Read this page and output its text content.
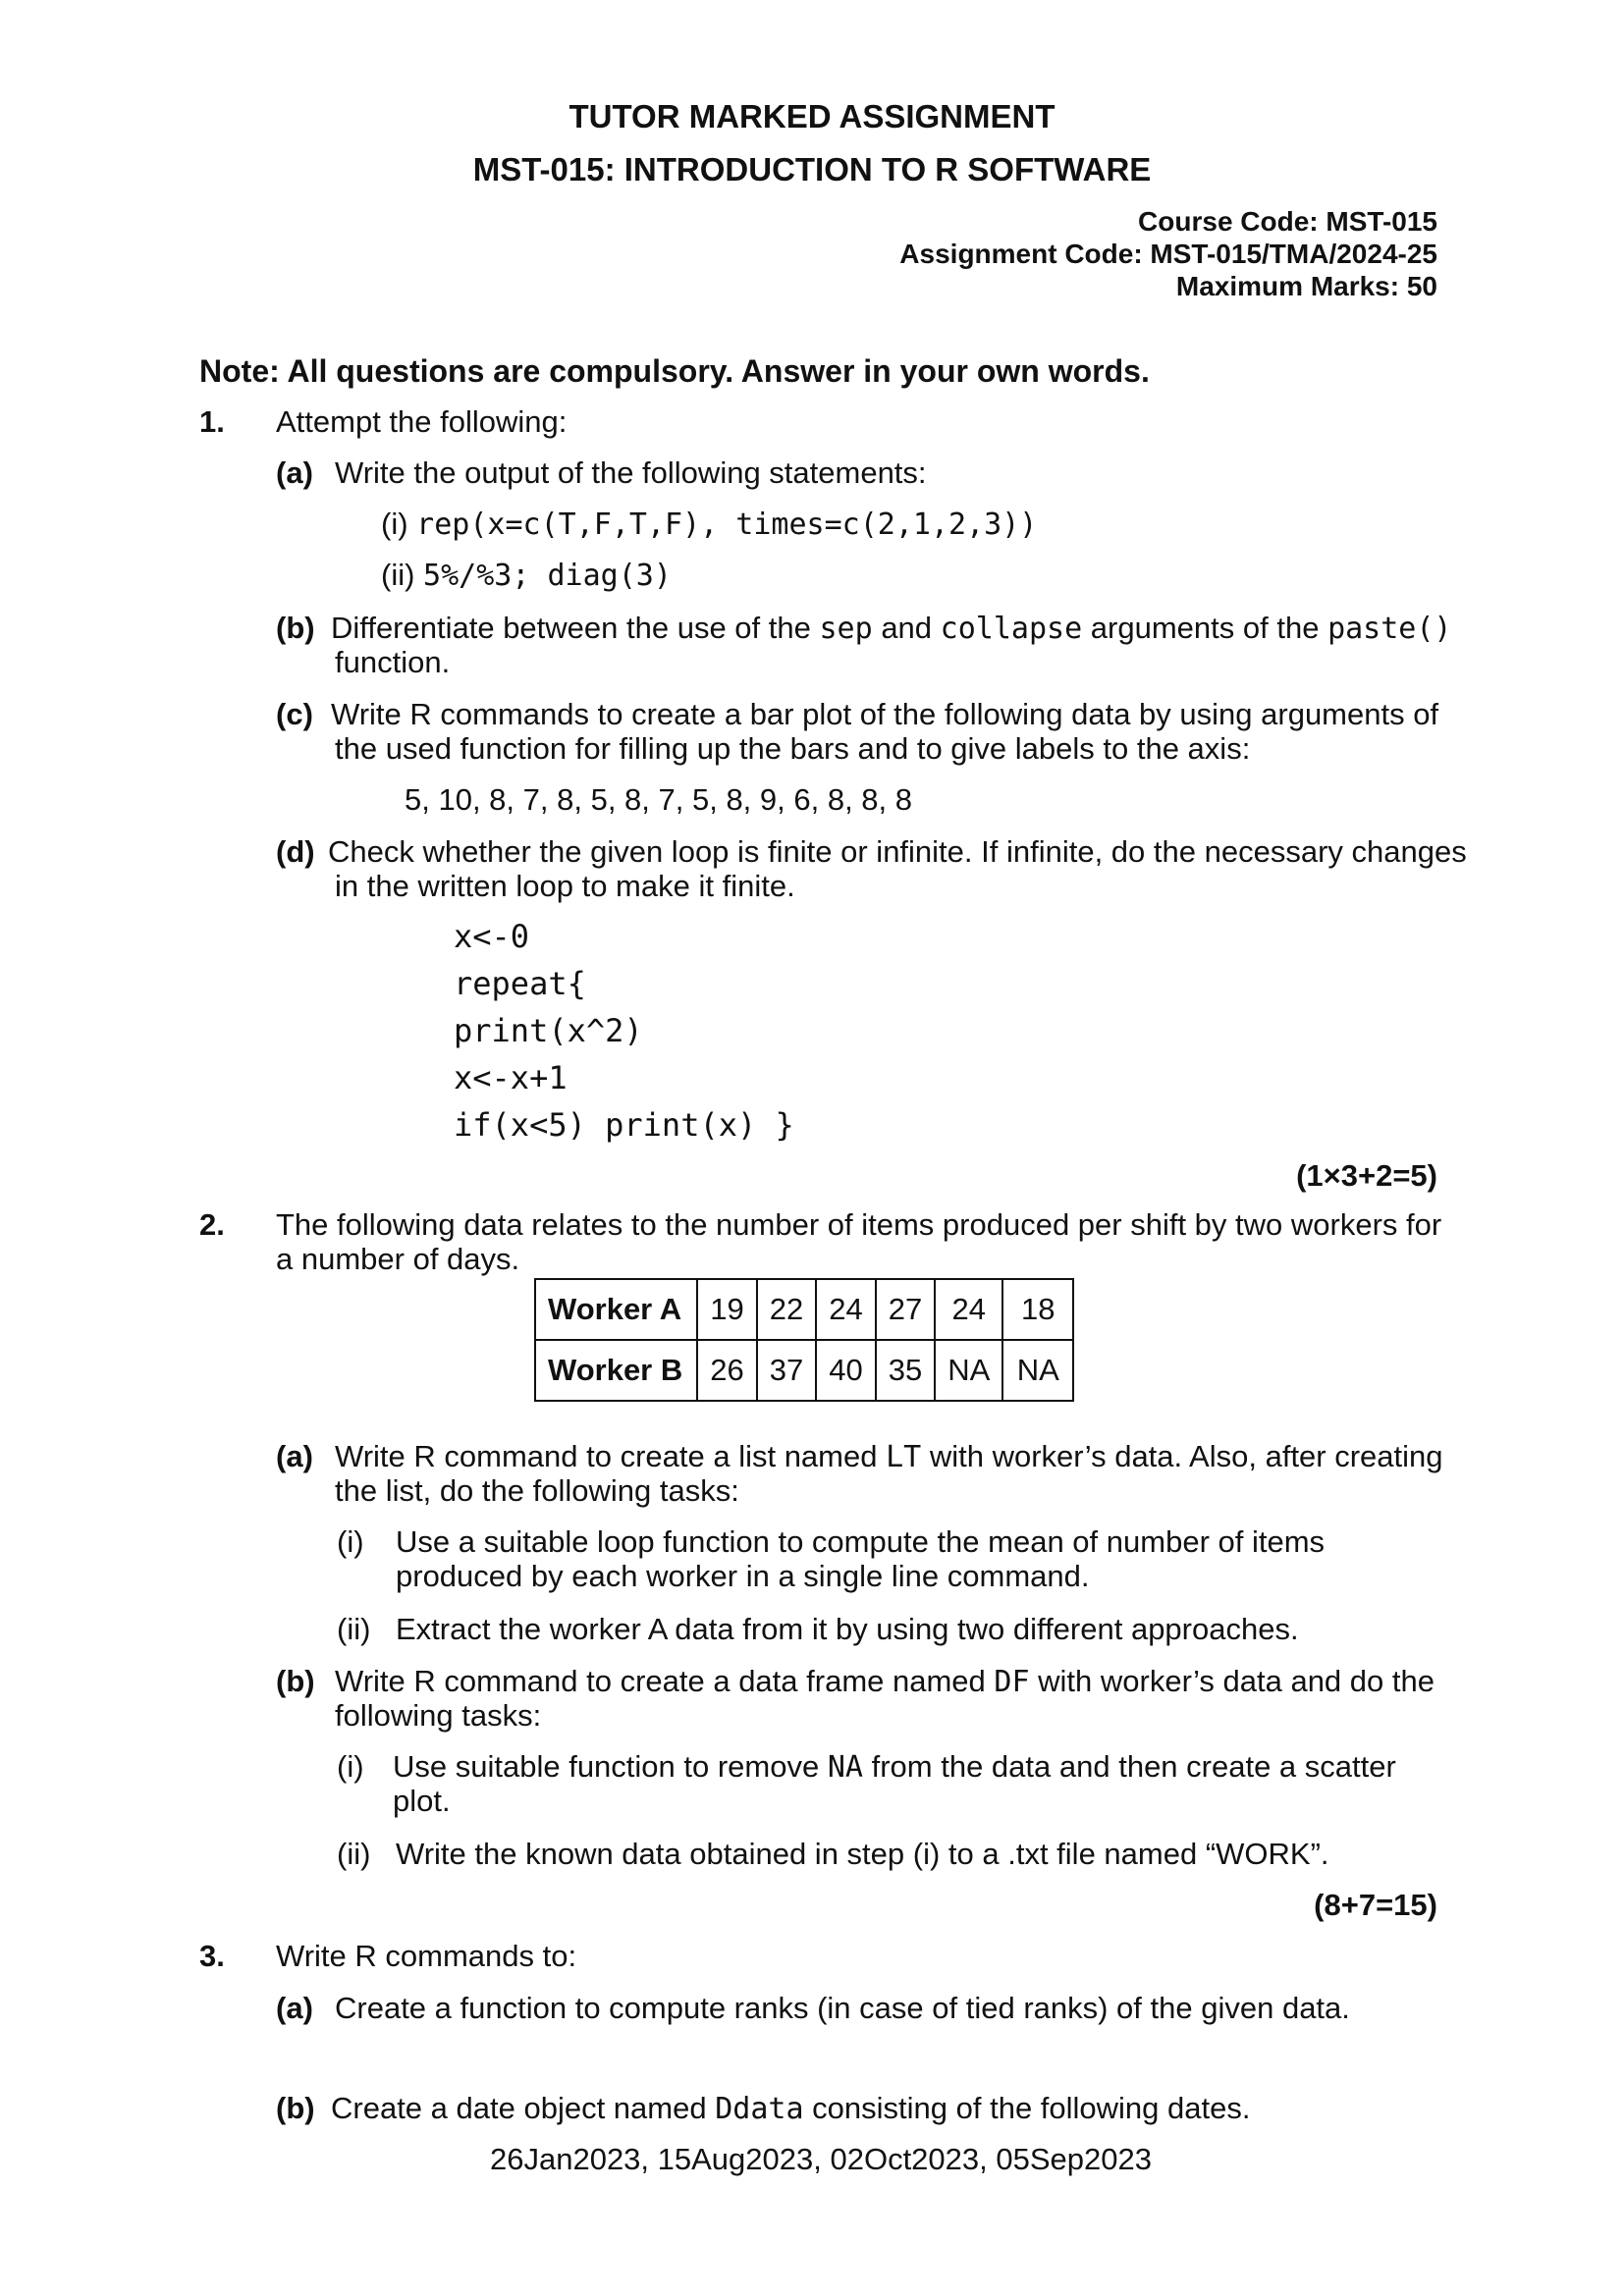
TUTOR MARKED ASSIGNMENT
MST-015: INTRODUCTION TO R SOFTWARE
Course Code: MST-015
Assignment Code: MST-015/TMA/2024-25
Maximum Marks: 50
Note: All questions are compulsory. Answer in your own words.
1. Attempt the following:
(a) Write the output of the following statements:
(i) rep(x=c(T,F,T,F), times=c(2,1,2,3))
(ii) 5%/%3; diag(3)
(b) Differentiate between the use of the sep and collapse arguments of the paste()
function.
(c) Write R commands to create a bar plot of the following data by using arguments of
the used function for filling up the bars and to give labels to the axis:
5, 10, 8, 7, 8, 5, 8, 7, 5, 8, 9, 6, 8, 8, 8
(d) Check whether the given loop is finite or infinite. If infinite, do the necessary changes
in the written loop to make it finite.
x<-0
repeat{
print(x^2)
x<-x+1
if(x<5) print(x) }
(1×3+2=5)
2. The following data relates to the number of items produced per shift by two workers for
a number of days.
Worker A	19	22	24	27	24	18
Worker B	26	37	40	35	NA	NA
(a) Write R command to create a list named LT with worker’s data. Also, after creating
the list, do the following tasks:
(i) Use a suitable loop function to compute the mean of number of items
produced by each worker in a single line command.
(ii) Extract the worker A data from it by using two different approaches.
(b) Write R command to create a data frame named DF with worker’s data and do the
following tasks:
(i) Use suitable function to remove NA from the data and then create a scatter
plot.
(ii) Write the known data obtained in step (i) to a .txt file named “WORK”.
(8+7=15)
3. Write R commands to:
(a) Create a function to compute ranks (in case of tied ranks) of the given data.
(b) Create a date object named Ddata consisting of the following dates.
26Jan2023, 15Aug2023, 02Oct2023, 05Sep2023
